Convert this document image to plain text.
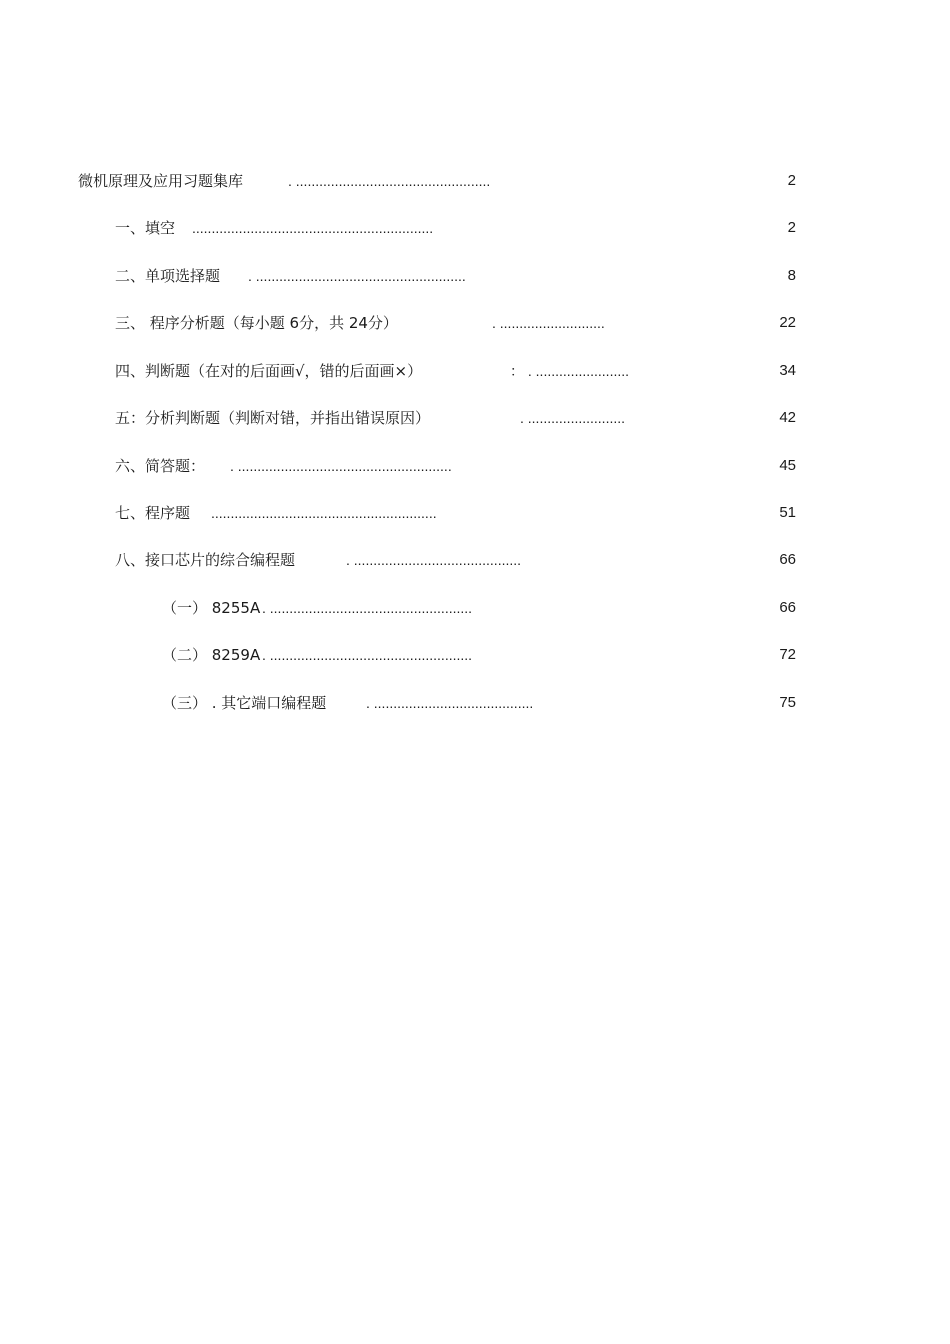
微机原理及应用习题集库	. ..................................................	2
一、填空 ..............................................................	2
二、单项选择题 . ......................................................	8
三、 程序分析题（每小题 6分，共 24分）	. ...........................	22
四、判断题（在对的后面画√，错的后面画×）	： . ........................	34
五：分析判断题（判断对错，并指出错误原因）	. .........................	42
六、简答题： . .......................................................	45
七、程序题 ..........................................................	51
八、接口芯片的综合编程题	. ...........................................	66
（一） 8255A . ....................................................	66
（二） 8259A . ....................................................	72
（三） . 其它端口编程题	. .........................................	75
